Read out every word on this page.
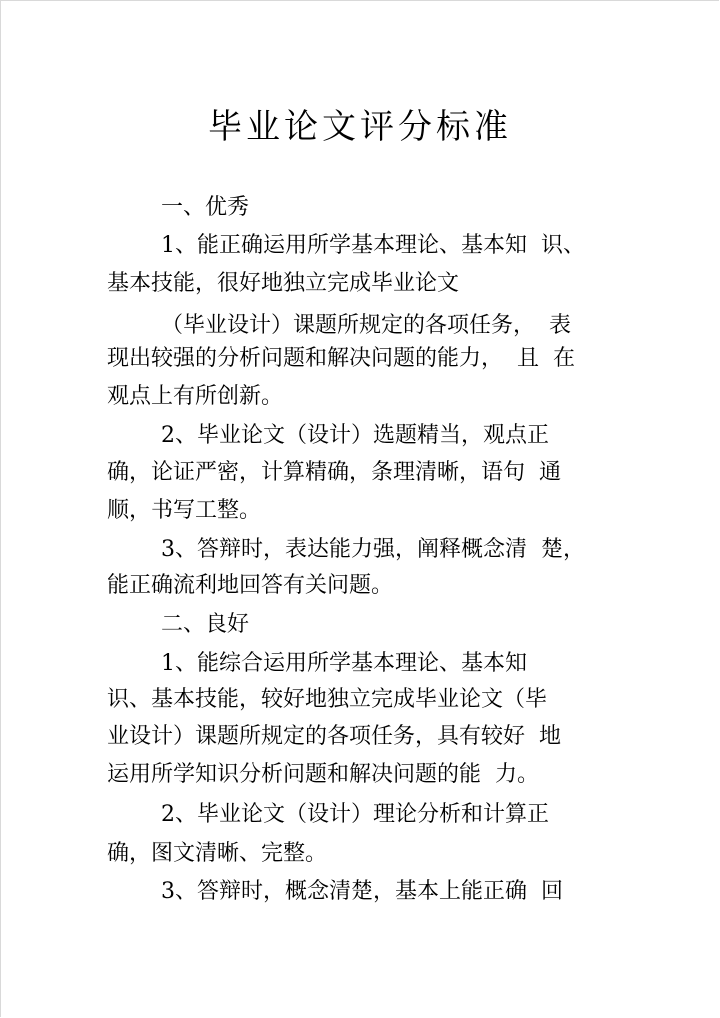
毕业论文评分标准
一、优秀
1、能正确运用所学基本理论、基本知  识、
基本技能，很好地独立完成毕业论文
（毕业设计）课题所规定的各项任务，  表
现出较强的分析问题和解决问题的能力，  且  在
观点上有所创新。
2、毕业论文（设计）选题精当，观点正
确，论证严密，计算精确，条理清晰，语句  通
顺，书写工整。
3、答辩时，表达能力强，阐释概念清  楚，
能正确流利地回答有关问题。
二、良好
1、能综合运用所学基本理论、基本知
识、基本技能，较好地独立完成毕业论文（毕
业设计）课题所规定的各项任务，具有较好  地
运用所学知识分析问题和解决问题的能  力。
2、毕业论文（设计）理论分析和计算正
确，图文清晰、完整。
3、答辩时，概念清楚，基本上能正确  回
